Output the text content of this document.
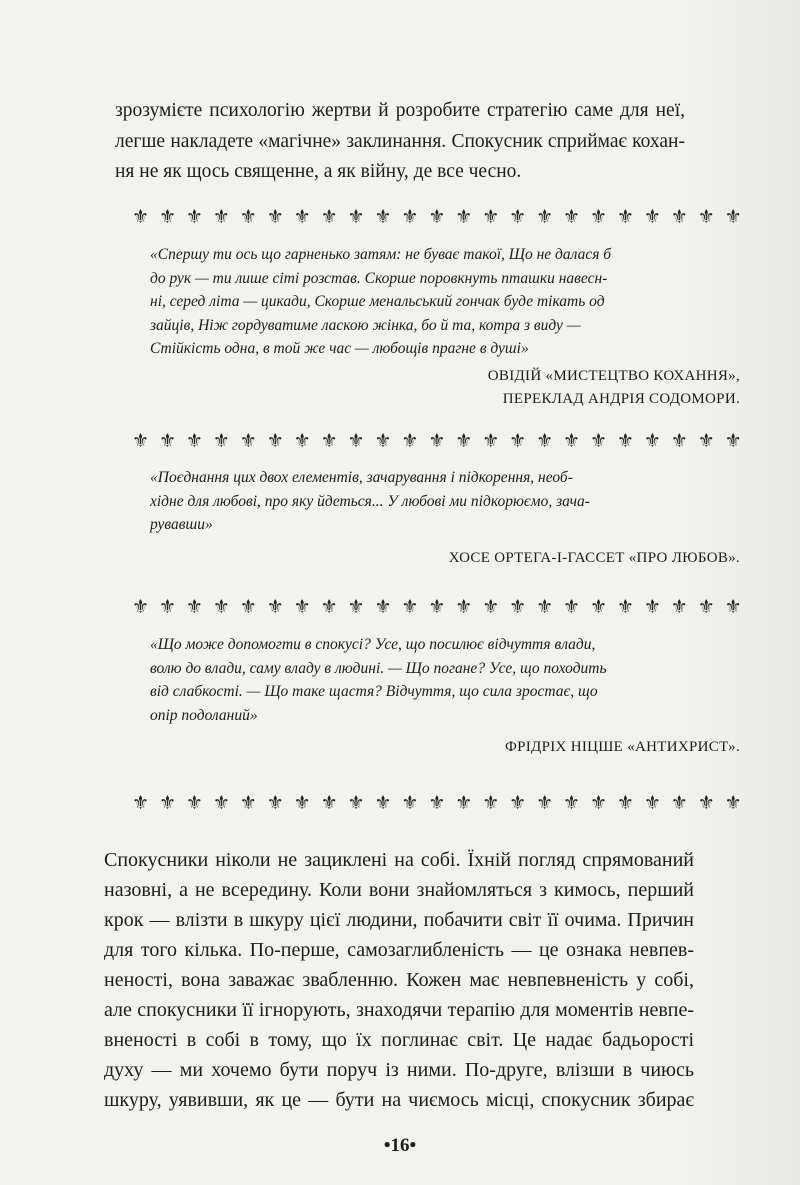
зрозумієте психологію жертви й розробите стратегію саме для неї,
легше накладете «магічне» заклинання. Спокусник сприймає кохан-
ня не як щось священне, а як війну, де все чесно.
⚜ ⚜ ⚜ ⚜ ⚜ ⚜ ⚜ ⚜ ⚜ ⚜ ⚜ ⚜ ⚜ ⚜ ⚜ ⚜ ⚜ ⚜ ⚜ ⚜ ⚜ ⚜ ⚜
«Спершу ти ось що гарненько затям: не буває такої, Що не далася б
до рук — ти лише сіті розстав. Скорше поровкнуть пташки навесн-
ні, серед літа — цикади, Скорше менальський гончак буде тікать од
зайців, Ніж гордуватиме ласкою жінка, бо й та, котра з виду —
Стійкість одна, в той же час — любощів прагне в душі»
ОВІДІЙ «МИСТЕЦТВО КОХАННЯ»,
ПЕРЕКЛАД АНДРІЯ СОДОМОРИ.
⚜ ⚜ ⚜ ⚜ ⚜ ⚜ ⚜ ⚜ ⚜ ⚜ ⚜ ⚜ ⚜ ⚜ ⚜ ⚜ ⚜ ⚜ ⚜ ⚜ ⚜ ⚜ ⚜
«Поєднання цих двох елементів, зачарування і підкорення, необ-
хідне для любові, про яку йдеться... У любові ми підкорюємо, зача-
рувавши»
ХОСЕ ОРТЕГА-І-ГАССЕТ «ПРО ЛЮБОВ».
⚜ ⚜ ⚜ ⚜ ⚜ ⚜ ⚜ ⚜ ⚜ ⚜ ⚜ ⚜ ⚜ ⚜ ⚜ ⚜ ⚜ ⚜ ⚜ ⚜ ⚜ ⚜ ⚜
«Що може допомогти в спокусі? Усе, що посилює відчуття влади,
волю до влади, саму владу в людині. — Що погане? Усе, що походить
від слабкості. — Що таке щастя? Відчуття, що сила зростає, що
опір подоланий»
ФРІДРІХ НІЦШЕ «АНТИХРИСТ».
⚜ ⚜ ⚜ ⚜ ⚜ ⚜ ⚜ ⚜ ⚜ ⚜ ⚜ ⚜ ⚜ ⚜ ⚜ ⚜ ⚜ ⚜ ⚜ ⚜ ⚜ ⚜ ⚜
Спокусники ніколи не зациклені на собі. Їхній погляд спрямований
назовні, а не всередину. Коли вони знайомляться з кимось, перший
крок — влізти в шкуру цієї людини, побачити світ її очима. Причин
для того кілька. По-перше, самозаглибленість — це ознака невпев-
неності, вона заважає звабленню. Кожен має невпевненість у собі,
але спокусники її ігнорують, знаходячи терапію для моментів невпе-
вненості в собі в тому, що їх поглинає світ. Це надає бадьорості
духу — ми хочемо бути поруч із ними. По-друге, влізши в чиюсь
шкуру, уявивши, як це — бути на чиємось місці, спокусник збирає
•16•
